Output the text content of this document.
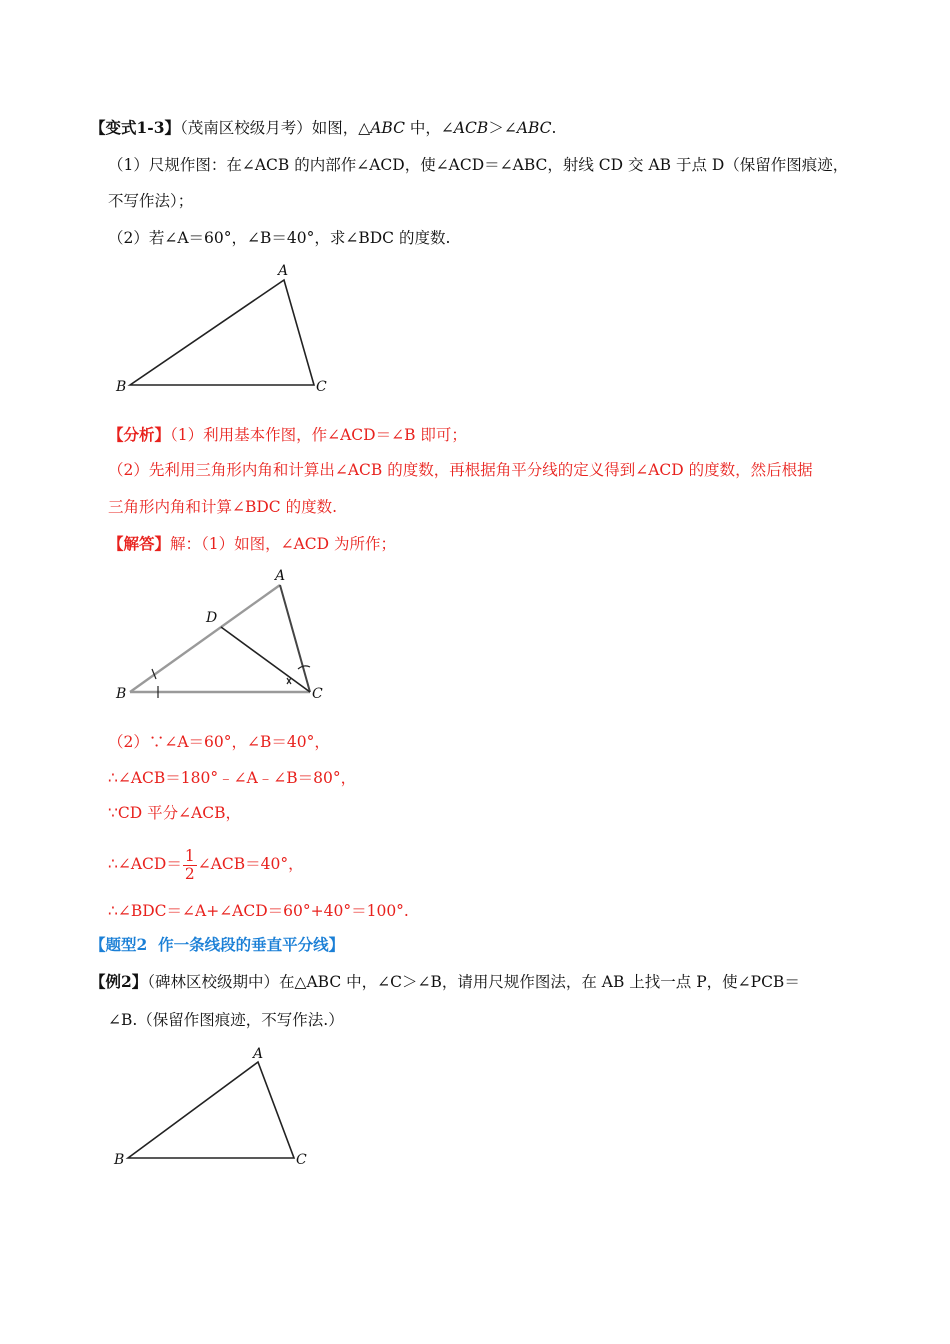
【变式1-3】（茂南区校级月考）如图，△ABC 中，∠ACB＞∠ABC.
（1）尺规作图：在∠ACB 的内部作∠ACD，使∠ACD＝∠ABC，射线 CD 交 AB 于点 D（保留作图痕迹，
不写作法）；
（2）若∠A＝60°，∠B＝40°，求∠BDC 的度数.
A
B	C
【分析】（1）利用基本作图，作∠ACD＝∠B 即可；
（2）先利用三角形内角和计算出∠ACB 的度数，再根据角平分线的定义得到∠ACD 的度数，然后根据
三角形内角和计算∠BDC 的度数.
【解答】解：（1）如图，∠ACD 为所作；
A
D
B	C
（2）∵∠A＝60°，∠B＝40°，
∴∠ACB＝180°﹣∠A﹣∠B＝80°，
∵CD 平分∠ACB，
∴∠ACD＝ $\frac{1}{2}$ ∠ACB＝40°，
∴∠BDC＝∠A+∠ACD＝60°+40°＝100°.
【题型2 作一条线段的垂直平分线】
【例2】（碑林区校级期中）在△ABC 中，∠C＞∠B，请用尺规作图法，在 AB 上找一点 P，使∠PCB＝
∠B.（保留作图痕迹，不写作法.）
A
B	C
